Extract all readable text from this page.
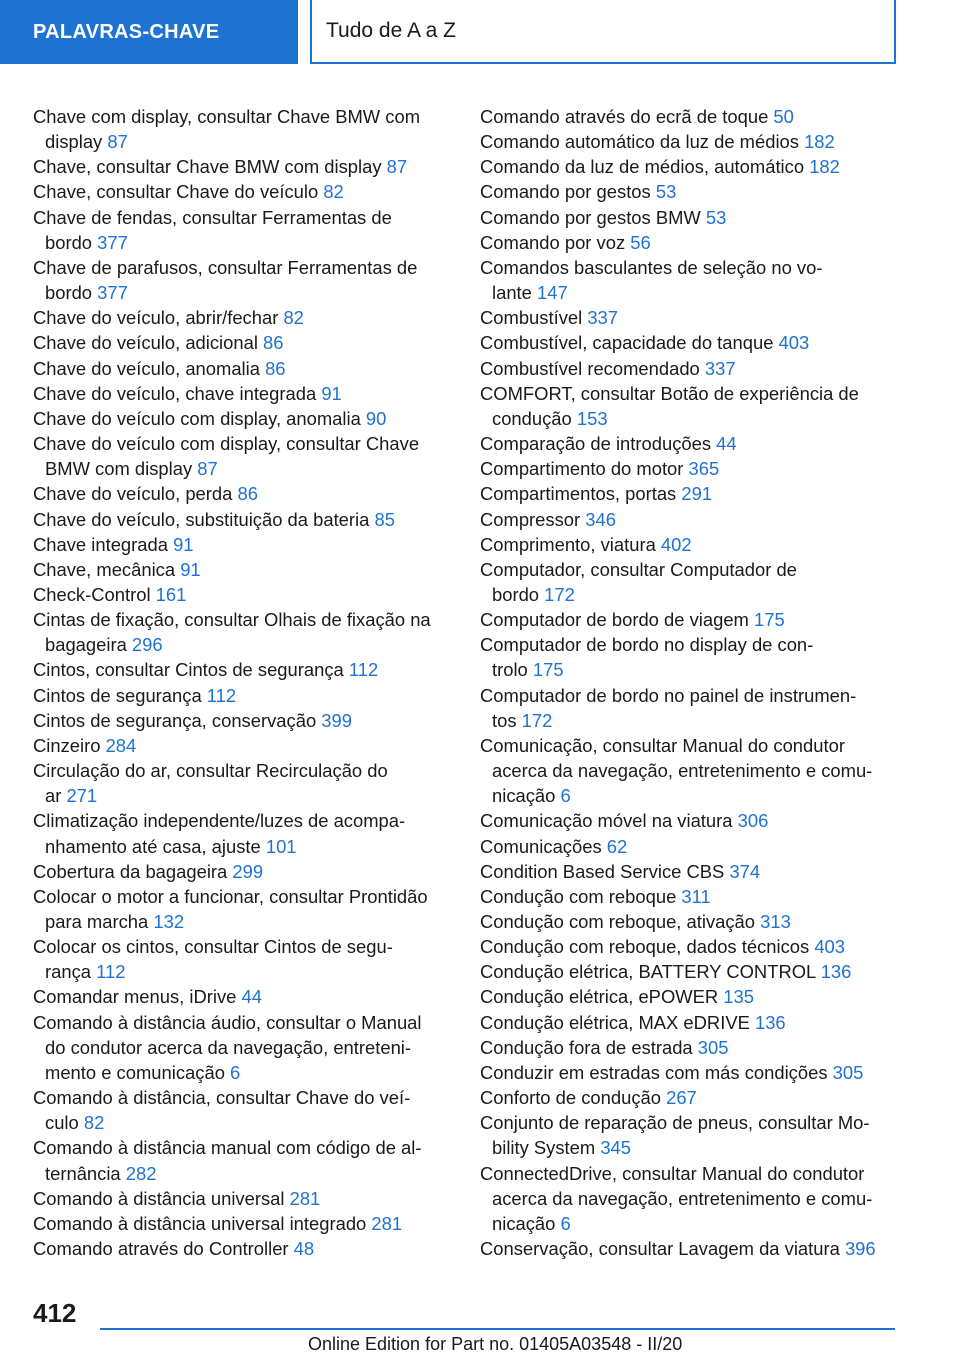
PALAVRAS-CHAVE	Tudo de A a Z

Chave com display, consultar Chave BMW com
display 87

Chave, consultar Chave BMW com display 87

Chave, consultar Chave do veículo 82

Chave de fendas, consultar Ferramentas de
bordo 377

Chave de parafusos, consultar Ferramentas de
bordo 377

Chave do veículo, abrir/fechar 82

Chave do veículo, adicional 86

Chave do veículo, anomalia 86

Chave do veículo, chave integrada 91

Chave do veículo com display, anomalia 90

Chave do veículo com display, consultar Chave
BMW com display 87

Chave do veículo, perda 86

Chave do veículo, substituição da bateria 85

Chave integrada 91

Chave, mecânica 91

Check-Control 161

Cintas de fixação, consultar Olhais de fixação na
bagageira 296

Cintos, consultar Cintos de segurança 112

Cintos de segurança 112

Cintos de segurança, conservação 399

Cinzeiro 284

Circulação do ar, consultar Recirculação do
ar 271

Climatização independente/luzes de acompa-
nhamento até casa, ajuste 101

Cobertura da bagageira 299

Colocar o motor a funcionar, consultar Prontidão
para marcha 132

Colocar os cintos, consultar Cintos de segu-
rança 112

Comandar menus, iDrive 44

Comando à distância áudio, consultar o Manual
do condutor acerca da navegação, entreteni-
mento e comunicação 6

Comando à distância, consultar Chave do veí-
culo 82

Comando à distância manual com código de al-
ternância 282

Comando à distância universal 281

Comando à distância universal integrado 281

Comando através do Controller 48

Comando através do ecrã de toque 50

Comando automático da luz de médios 182

Comando da luz de médios, automático 182

Comando por gestos 53

Comando por gestos BMW 53

Comando por voz 56

Comandos basculantes de seleção no vo-
lante 147

Combustível 337

Combustível, capacidade do tanque 403

Combustível recomendado 337

COMFORT, consultar Botão de experiência de
condução 153

Comparação de introduções 44

Compartimento do motor 365

Compartimentos, portas 291

Compressor 346

Comprimento, viatura 402

Computador, consultar Computador de
bordo 172

Computador de bordo de viagem 175

Computador de bordo no display de con-
trolo 175

Computador de bordo no painel de instrumen-
tos 172

Comunicação, consultar Manual do condutor
acerca da navegação, entretenimento e comu-
nicação 6

Comunicação móvel na viatura 306

Comunicações 62

Condition Based Service CBS 374

Condução com reboque 311

Condução com reboque, ativação 313

Condução com reboque, dados técnicos 403

Condução elétrica, BATTERY CONTROL 136

Condução elétrica, ePOWER 135

Condução elétrica, MAX eDRIVE 136

Condução fora de estrada 305

Conduzir em estradas com más condições 305

Conforto de condução 267

Conjunto de reparação de pneus, consultar Mo-
bility System 345

ConnectedDrive, consultar Manual do condutor
acerca da navegação, entretenimento e comu-
nicação 6

Conservação, consultar Lavagem da viatura 396

412
Online Edition for Part no. 01405A03548 - II/20
